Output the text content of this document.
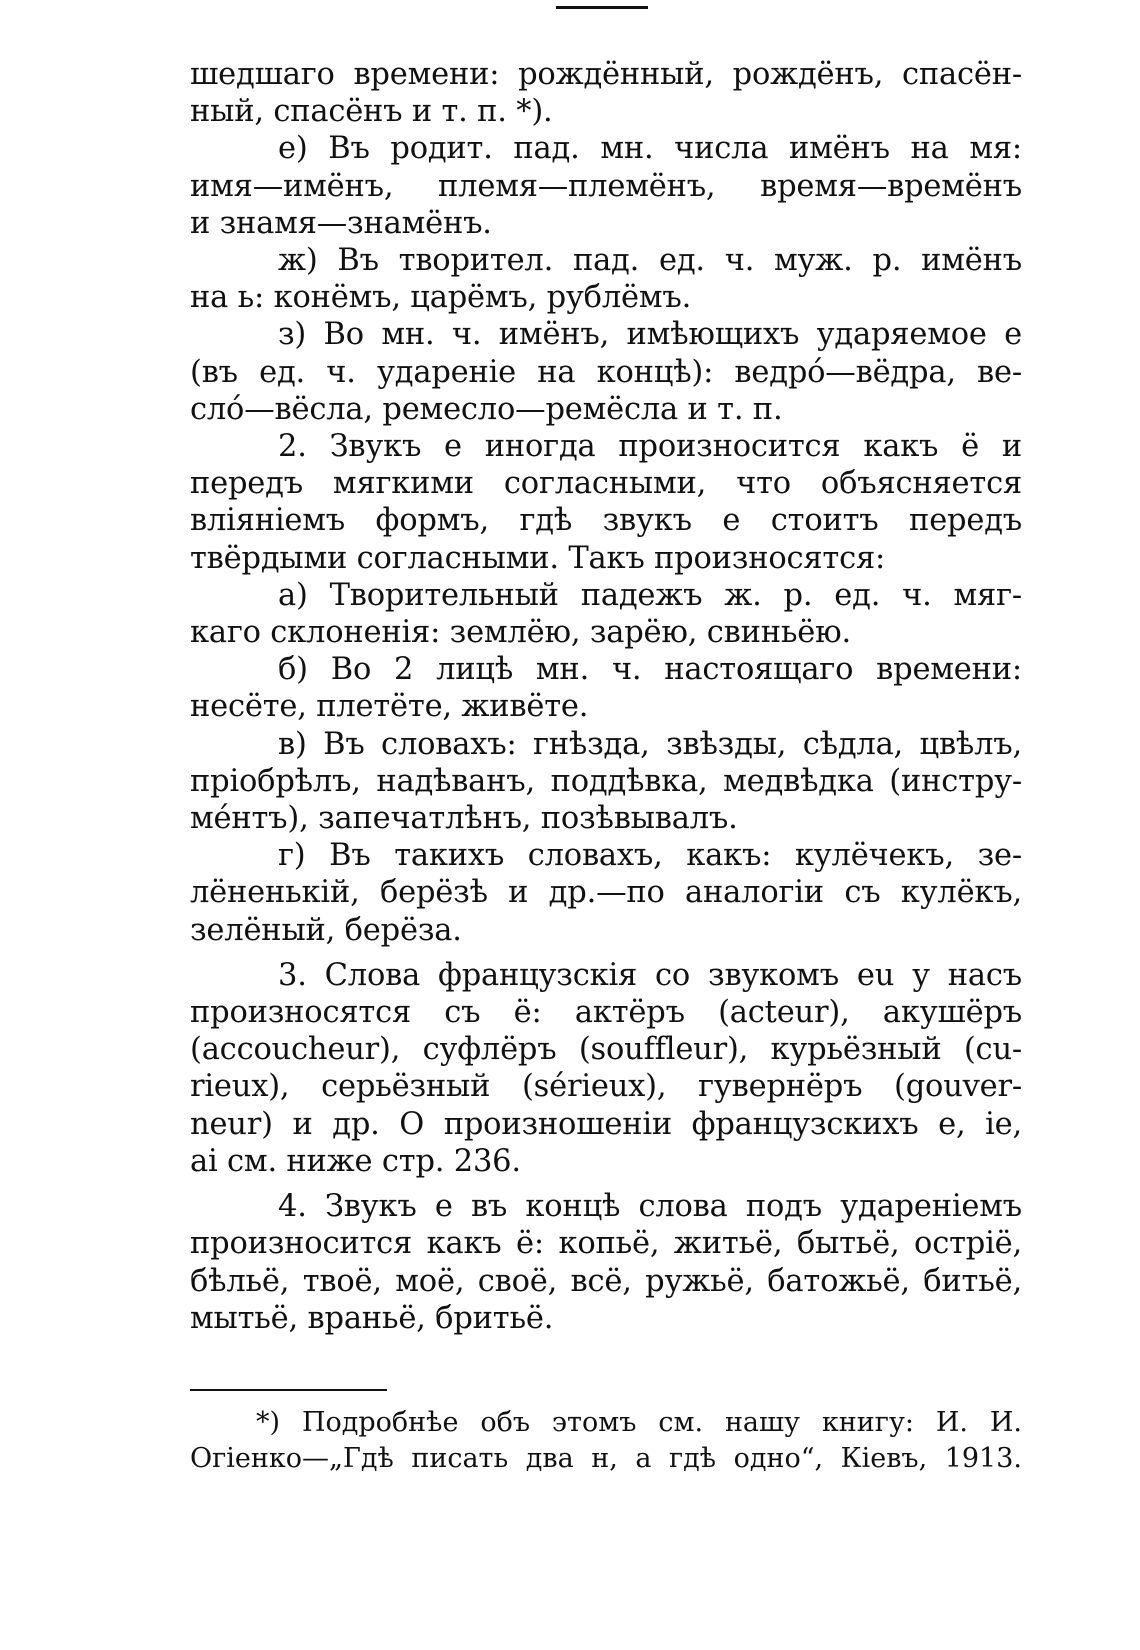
шедшаго времени: рождённый, рождёнъ, спасён-

ный, спасёнъ и т. п. *).

е) Въ родит. пад. мн. числа имёнъ на мя:

имя—имёнъ, племя—племёнъ, время—времёнъ

и знамя—знамёнъ.

ж) Въ творител. пад. ед. ч. муж. р. имёнъ

на ь: конёмъ, царёмъ, рублёмъ.

з) Во мн. ч. имёнъ, имѣющихъ ударяемое е

(въ ед. ч. удареніе на концѣ): ведро́—вёдра, ве-

сло́—вёсла, ремесло—ремёсла и т. п.

2. Звукъ е иногда произносится какъ ё и

передъ мягкими согласными, что объясняется

вліяніемъ формъ, гдѣ звукъ е стоитъ передъ

твёрдыми согласными. Такъ произносятся:

а) Творительный падежъ ж. р. ед. ч. мяг-

каго склоненія: землёю, зарёю, свиньёю.

б) Во 2 лицѣ мн. ч. настоящаго времени:

несёте, плетёте, живёте.

в) Въ словахъ: гнѣзда, звѣзды, сѣдла, цвѣлъ,

пріобрѣлъ, надѣванъ, поддѣвка, медвѣдка (инстру-

мéнтъ), запечатлѣнъ, позѣвывалъ.

г) Въ такихъ словахъ, какъ: кулёчекъ, зе-

лёненькій, берёзѣ и др.—по аналогіи съ кулёкъ,

зелёный, берёза.

3. Слова французскія со звукомъ eu у насъ

произносятся съ ё: актёръ (acteur), акушёръ

(accoucheur), суфлёръ (souffleur), курьёзный (cu-

rieux), серьёзный (sérieux), гувернёръ (gouver-

neur) и др. О произношеніи французскихъ e, ie,

ai см. ниже стр. 236.

4. Звукъ е въ концѣ слова подъ удареніемъ

произносится какъ ё: копьё, житьё, бытьё, остріё,

бѣльё, твоё, моё, своё, всё, ружьё, батожьё, битьё,

мытьё, враньё, бритьё.

*) Подробнѣе объ этомъ см. нашу книгу: И. И.

Огіенко—„Гдѣ писать два н, а гдѣ одно“, Кіевъ, 1913.
